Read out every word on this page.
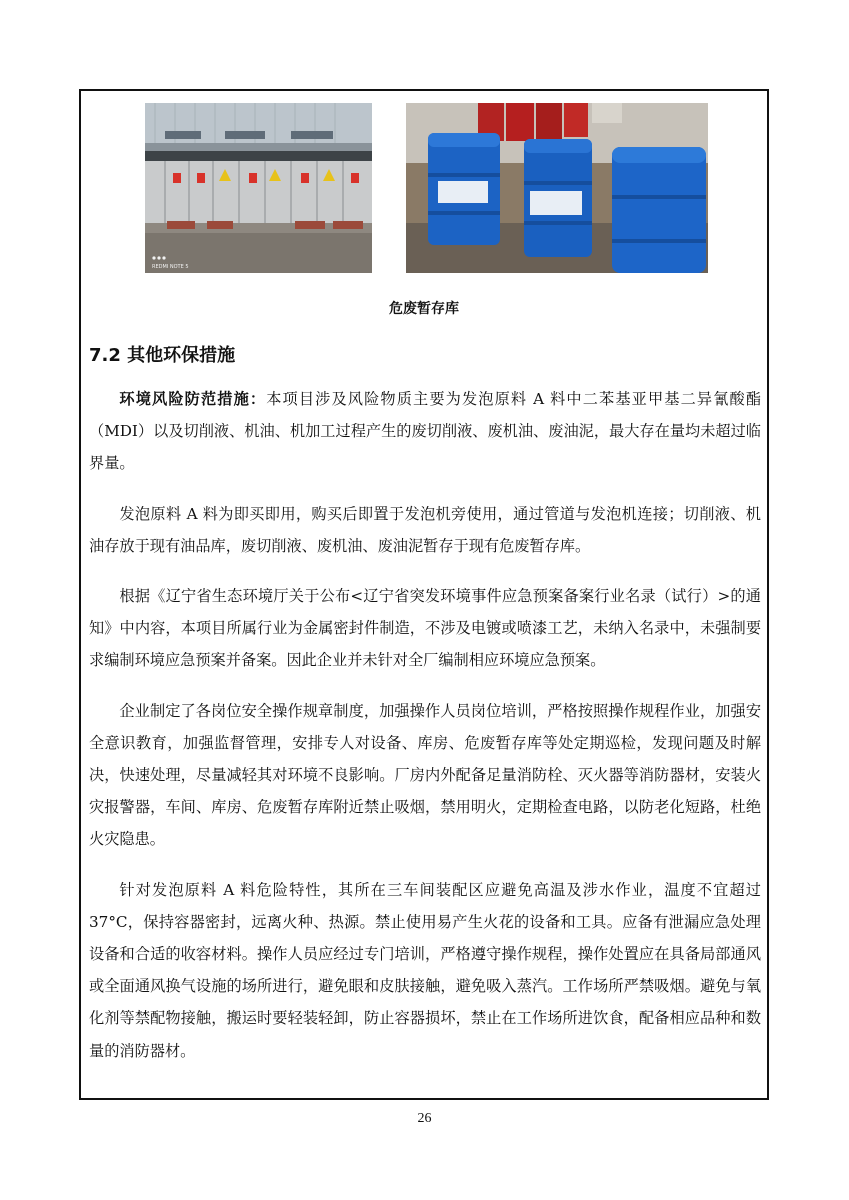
REDMI NOTE 5
危废暂存库
7.2 其他环保措施

环境风险防范措施：本项目涉及风险物质主要为发泡原料 A 料中二苯基亚甲基二异氰酸酯（MDI）以及切削液、机油、机加工过程产生的废切削液、废机油、废油泥，最大存在量均未超过临界量。

发泡原料 A 料为即买即用，购买后即置于发泡机旁使用，通过管道与发泡机连接；切削液、机油存放于现有油品库，废切削液、废机油、废油泥暂存于现有危废暂存库。

根据《辽宁省生态环境厅关于公布<辽宁省突发环境事件应急预案备案行业名录（试行）>的通知》中内容，本项目所属行业为金属密封件制造，不涉及电镀或喷漆工艺，未纳入名录中，未强制要求编制环境应急预案并备案。因此企业并未针对全厂编制相应环境应急预案。

企业制定了各岗位安全操作规章制度，加强操作人员岗位培训，严格按照操作规程作业，加强安全意识教育，加强监督管理，安排专人对设备、库房、危废暂存库等处定期巡检，发现问题及时解决，快速处理，尽量减轻其对环境不良影响。厂房内外配备足量消防栓、灭火器等消防器材，安装火灾报警器，车间、库房、危废暂存库附近禁止吸烟，禁用明火，定期检查电路，以防老化短路，杜绝火灾隐患。

针对发泡原料 A 料危险特性，其所在三车间装配区应避免高温及涉水作业，温度不宜超过 37°C，保持容器密封，远离火种、热源。禁止使用易产生火花的设备和工具。应备有泄漏应急处理设备和合适的收容材料。操作人员应经过专门培训，严格遵守操作规程，操作处置应在具备局部通风或全面通风换气设施的场所进行，避免眼和皮肤接触，避免吸入蒸汽。工作场所严禁吸烟。避免与氧化剂等禁配物接触，搬运时要轻装轻卸，防止容器损坏，禁止在工作场所进饮食，配备相应品种和数量的消防器材。

26
